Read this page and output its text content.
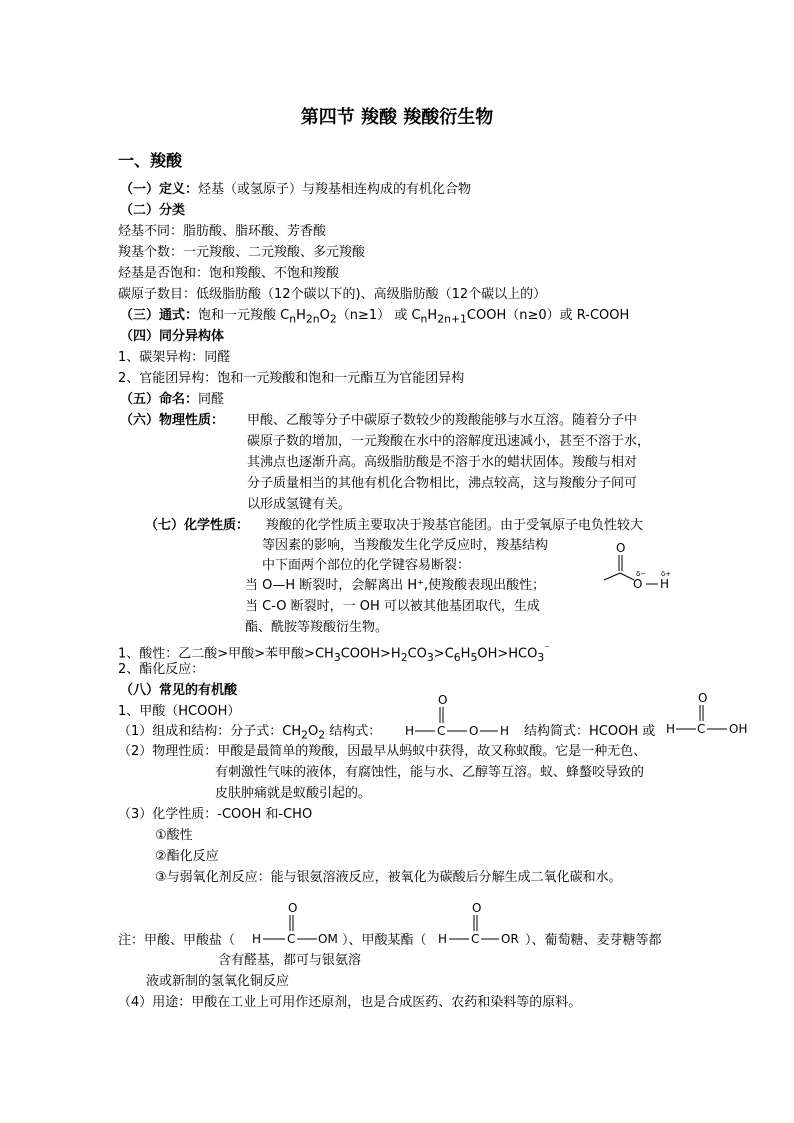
第四节 羧酸 羧酸衍生物
一、羧酸
（一）定义：烃基（或氢原子）与羧基相连构成的有机化合物
（二）分类
烃基不同：脂肪酸、脂环酸、芳香酸
羧基个数：一元羧酸、二元羧酸、多元羧酸
烃基是否饱和：饱和羧酸、不饱和羧酸
碳原子数目：低级脂肪酸（12个碳以下的)、高级脂肪酸（12个碳以上的）
（三）通式：饱和一元羧酸 $C_nH_{2n}O_2(n\ge 1)$ 或 $C_nH_{2n+1}COOH(n\ge 0)$或 R-COOH
（四）同分异构体
1、碳架异构：同醛
2、官能团异构：饱和一元羧酸和饱和一元酯互为官能团异构
（五）命名：同醛
（六）物理性质： 甲酸、乙酸等分子中碳原子数较少的羧酸能够与水互溶。随着分子中
碳原子数的增加，一元羧酸在水中的溶解度迅速减小，甚至不溶于水，
其沸点也逐渐升高。高级脂肪酸是不溶于水的蜡状固体。羧酸与相对
分子质量相当的其他有机化合物相比，沸点较高，这与羧酸分子间可
以形成氢键有关。
（七）化学性质： 羧酸的化学性质主要取决于羧基官能团。由于受氧原子电负性较大
等因素的影响，当羧酸发生化学反应时，羧基结构
中下面两个部位的化学键容易断裂：
当 O—H 断裂时，会解离出 H⁺,使羧酸表现出酸性；
当 C-O 断裂时，一 OH 可以被其他基团取代，生成
酯、酰胺等羧酸衍生物。
O
O H
δ− δ+
1、酸性：乙二酸>甲酸>苯甲酸$>CH_3COOH>H_2CO_3>C_6H_5OH>HCO_3^{^-}$
2、酯化反应：
（八）常见的有机酸
1、甲酸（HCOOH）
（1）组成和结构：分子式：$CH_2O_2$ 结构式：
O
H C O H 结构简式：HCOOH 或
O
H C OH
（2）物理性质：甲酸是最简单的羧酸，因最早从蚂蚁中获得，故又称蚁酸。它是一种无色、
有刺激性气味的液体，有腐蚀性，能与水、乙醇等互溶。蚁、蜂螯咬导致的
皮肤肿痛就是蚁酸引起的。
（3）化学性质：-COOH 和-CHO
①酸性
②酯化反应
③与弱氧化剂反应：能与银氨溶液反应，被氧化为碳酸后分解生成二氧化碳和水。
注：甲酸、甲酸盐（
O
H C OM ）、甲酸某酯（
O
H C OR ）、葡萄糖、麦芽糖等都
含有醛基，都可与银氨溶
液或新制的氢氧化铜反应
（4）用途：甲酸在工业上可用作还原剂，也是合成医药、农药和染料等的原料。
